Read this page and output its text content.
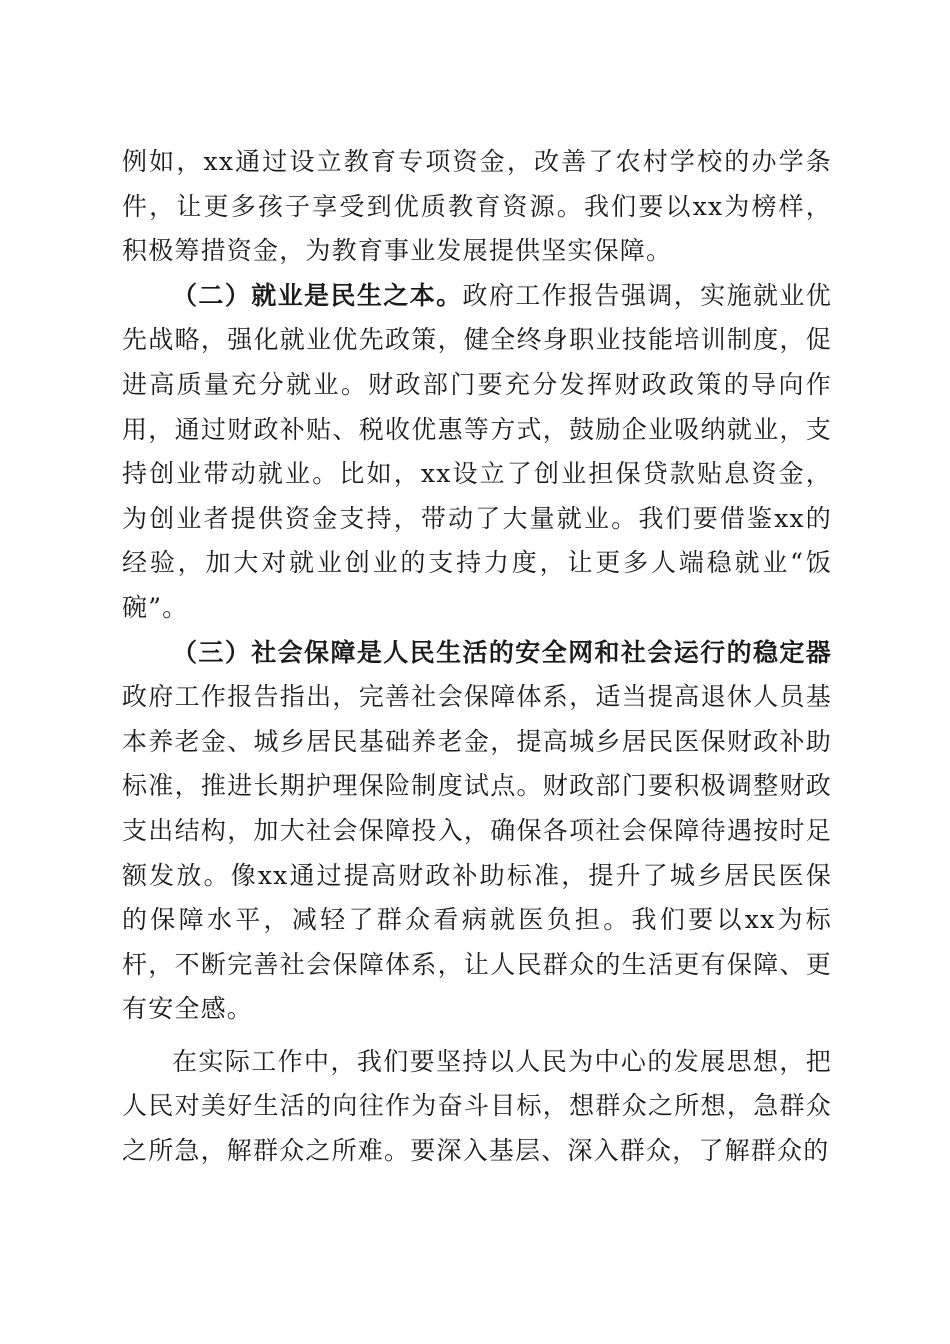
例如，xx通过设立教育专项资金，改善了农村学校的办学条件，让更多孩子享受到优质教育资源。我们要以xx为榜样，积极筹措资金，为教育事业发展提供坚实保障。

（二）就业是民生之本。政府工作报告强调，实施就业优先战略，强化就业优先政策，健全终身职业技能培训制度，促进高质量充分就业。财政部门要充分发挥财政政策的导向作用，通过财政补贴、税收优惠等方式，鼓励企业吸纳就业，支持创业带动就业。比如，xx设立了创业担保贷款贴息资金，为创业者提供资金支持，带动了大量就业。我们要借鉴xx的经验，加大对就业创业的支持力度，让更多人端稳就业“饭碗”。

（三）社会保障是人民生活的安全网和社会运行的稳定器政府工作报告指出，完善社会保障体系，适当提高退休人员基本养老金、城乡居民基础养老金，提高城乡居民医保财政补助标准，推进长期护理保险制度试点。财政部门要积极调整财政支出结构，加大社会保障投入，确保各项社会保障待遇按时足额发放。像xx通过提高财政补助标准，提升了城乡居民医保的保障水平，减轻了群众看病就医负担。我们要以xx为标杆，不断完善社会保障体系，让人民群众的生活更有保障、更有安全感。

在实际工作中，我们要坚持以人民为中心的发展思想，把人民对美好生活的向往作为奋斗目标，想群众之所想，急群众之所急，解群众之所难。要深入基层、深入群众，了解群众的
